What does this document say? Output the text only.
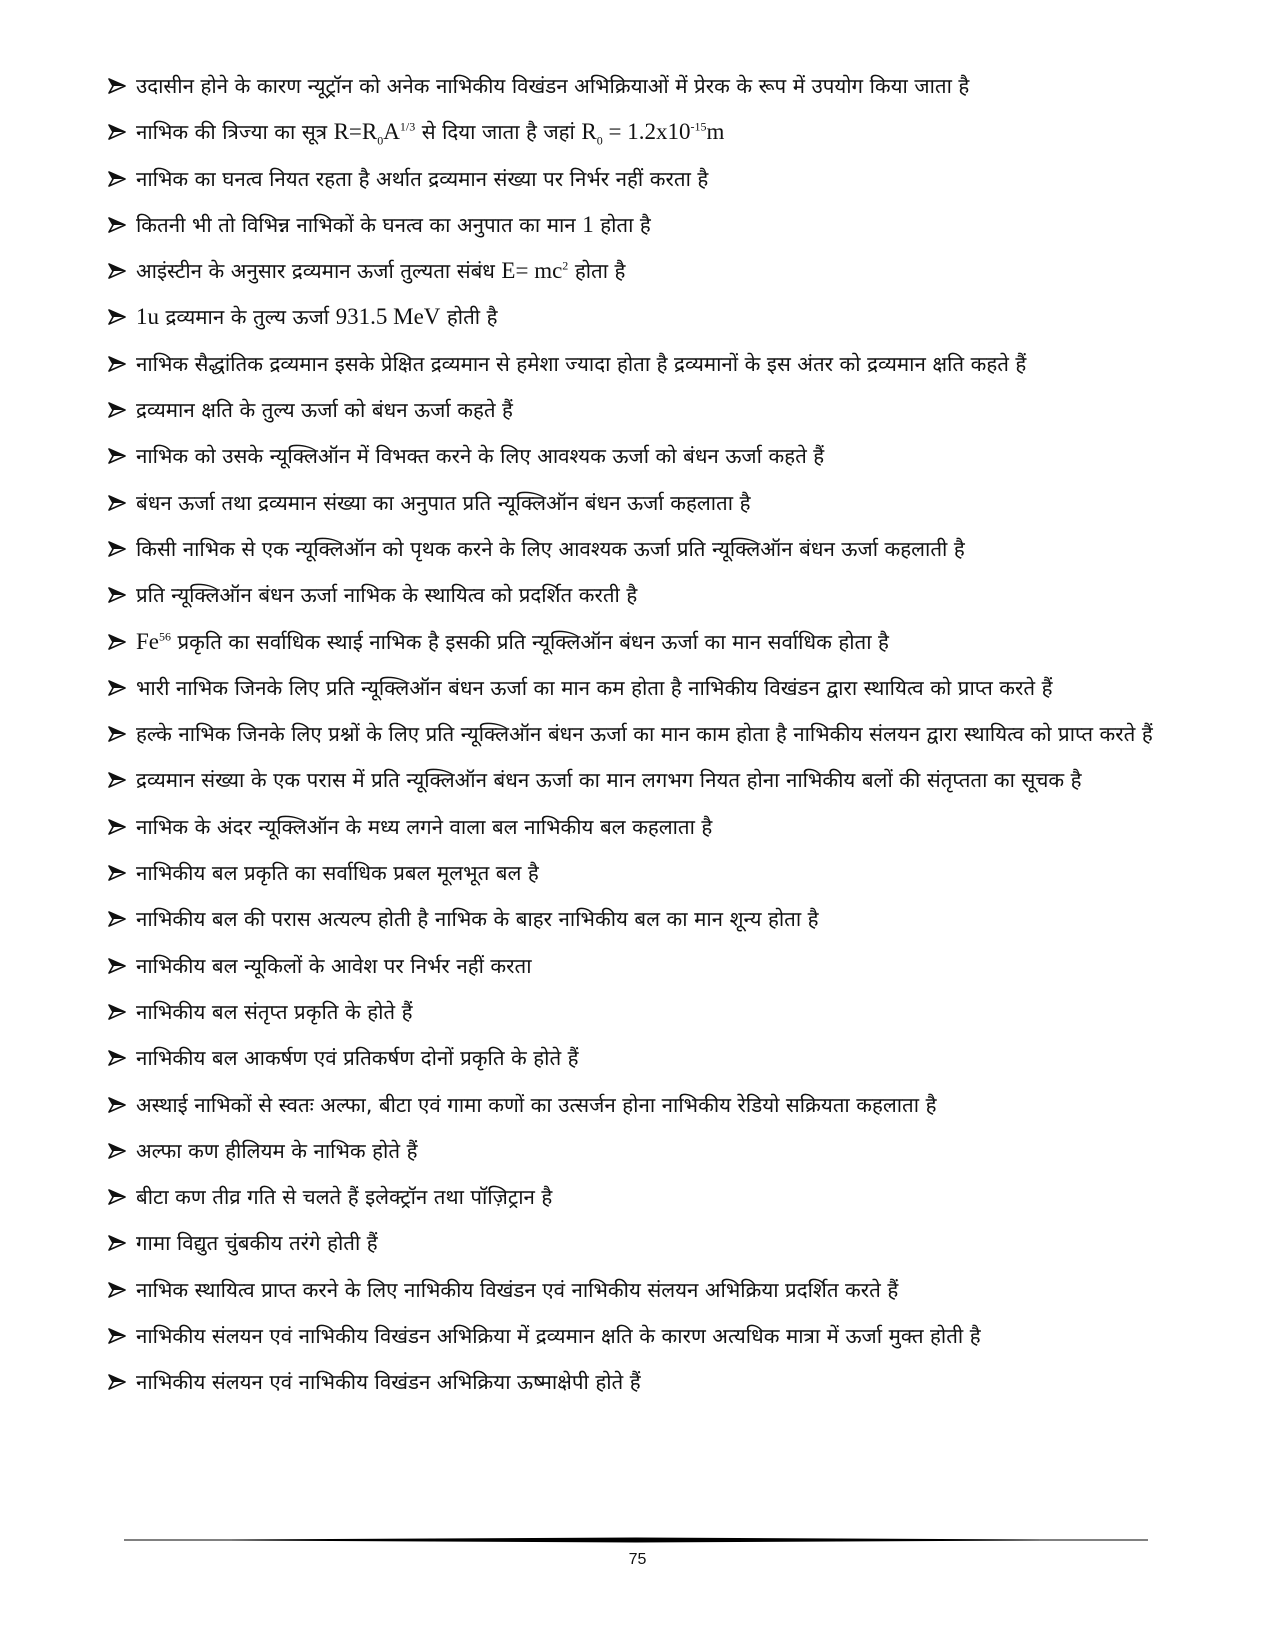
उदासीन होने के कारण न्यूट्रॉन को अनेक नाभिकीय विखंडन अभिक्रियाओं में प्रेरक के रूप में उपयोग किया जाता है
नाभिक की त्रिज्या का सूत्र $R=R_0A^{1/3}$ से दिया जाता है जहां $R_0 = 1.2x10^{-15}m$
नाभिक का घनत्व नियत रहता है अर्थात द्रव्यमान संख्या पर निर्भर नहीं करता है
कितनी भी तो विभिन्न नाभिकों के घनत्व का अनुपात का मान 1 होता है
आइंस्टीन के अनुसार द्रव्यमान ऊर्जा तुल्यता संबंध $E= mc^2$ होता है
1u द्रव्यमान के तुल्य ऊर्जा 931.5 MeV होती है
नाभिक सैद्धांतिक द्रव्यमान इसके प्रेक्षित द्रव्यमान से हमेशा ज्यादा होता है द्रव्यमानों के इस अंतर को द्रव्यमान क्षति कहते हैं
द्रव्यमान क्षति के तुल्य ऊर्जा को बंधन ऊर्जा कहते हैं
नाभिक को उसके न्यूक्लिऑन में विभक्त करने के लिए आवश्यक ऊर्जा को बंधन ऊर्जा कहते हैं
बंधन ऊर्जा तथा द्रव्यमान संख्या का अनुपात प्रति न्यूक्लिऑन बंधन ऊर्जा कहलाता है
किसी नाभिक से एक न्यूक्लिऑन को पृथक करने के लिए आवश्यक ऊर्जा प्रति न्यूक्लिऑन बंधन ऊर्जा कहलाती है
प्रति न्यूक्लिऑन बंधन ऊर्जा नाभिक के स्थायित्व को प्रदर्शित करती है
Fe$^{56}$ प्रकृति का सर्वाधिक स्थाई नाभिक है इसकी प्रति न्यूक्लिऑन बंधन ऊर्जा का मान सर्वाधिक होता है
भारी नाभिक जिनके लिए प्रति न्यूक्लिऑन बंधन ऊर्जा का मान कम होता है नाभिकीय विखंडन द्वारा स्थायित्व को प्राप्त करते हैं
हल्के नाभिक जिनके लिए प्रश्नों के लिए प्रति न्यूक्लिऑन बंधन ऊर्जा का मान काम होता है नाभिकीय संलयन द्वारा स्थायित्व को प्राप्त करते हैं
द्रव्यमान संख्या के एक परास में प्रति न्यूक्लिऑन बंधन ऊर्जा का मान लगभग नियत होना नाभिकीय बलों की संतृप्तता का सूचक है
नाभिक के अंदर न्यूक्लिऑन के मध्य लगने वाला बल नाभिकीय बल कहलाता है
नाभिकीय बल प्रकृति का सर्वाधिक प्रबल मूलभूत बल है
नाभिकीय बल की परास अत्यल्प होती है नाभिक के बाहर नाभिकीय बल का मान शून्य होता है
नाभिकीय बल न्यूकिलों के आवेश पर निर्भर नहीं करता
नाभिकीय बल संतृप्त प्रकृति के होते हैं
नाभिकीय बल आकर्षण एवं प्रतिकर्षण दोनों प्रकृति के होते हैं
अस्थाई नाभिकों से स्वतः अल्फा, बीटा एवं गामा कणों का उत्सर्जन होना नाभिकीय रेडियो सक्रियता कहलाता है
अल्फा कण हीलियम के नाभिक होते हैं
बीटा कण तीव्र गति से चलते हैं इलेक्ट्रॉन तथा पॉज़िट्रान है
गामा विद्युत चुंबकीय तरंगे होती हैं
नाभिक स्थायित्व प्राप्त करने के लिए नाभिकीय विखंडन एवं नाभिकीय संलयन अभिक्रिया प्रदर्शित करते हैं
नाभिकीय संलयन एवं नाभिकीय विखंडन अभिक्रिया में द्रव्यमान क्षति के कारण अत्यधिक मात्रा में ऊर्जा मुक्त होती है
नाभिकीय संलयन एवं नाभिकीय विखंडन अभिक्रिया ऊष्माक्षेपी होते हैं
75
